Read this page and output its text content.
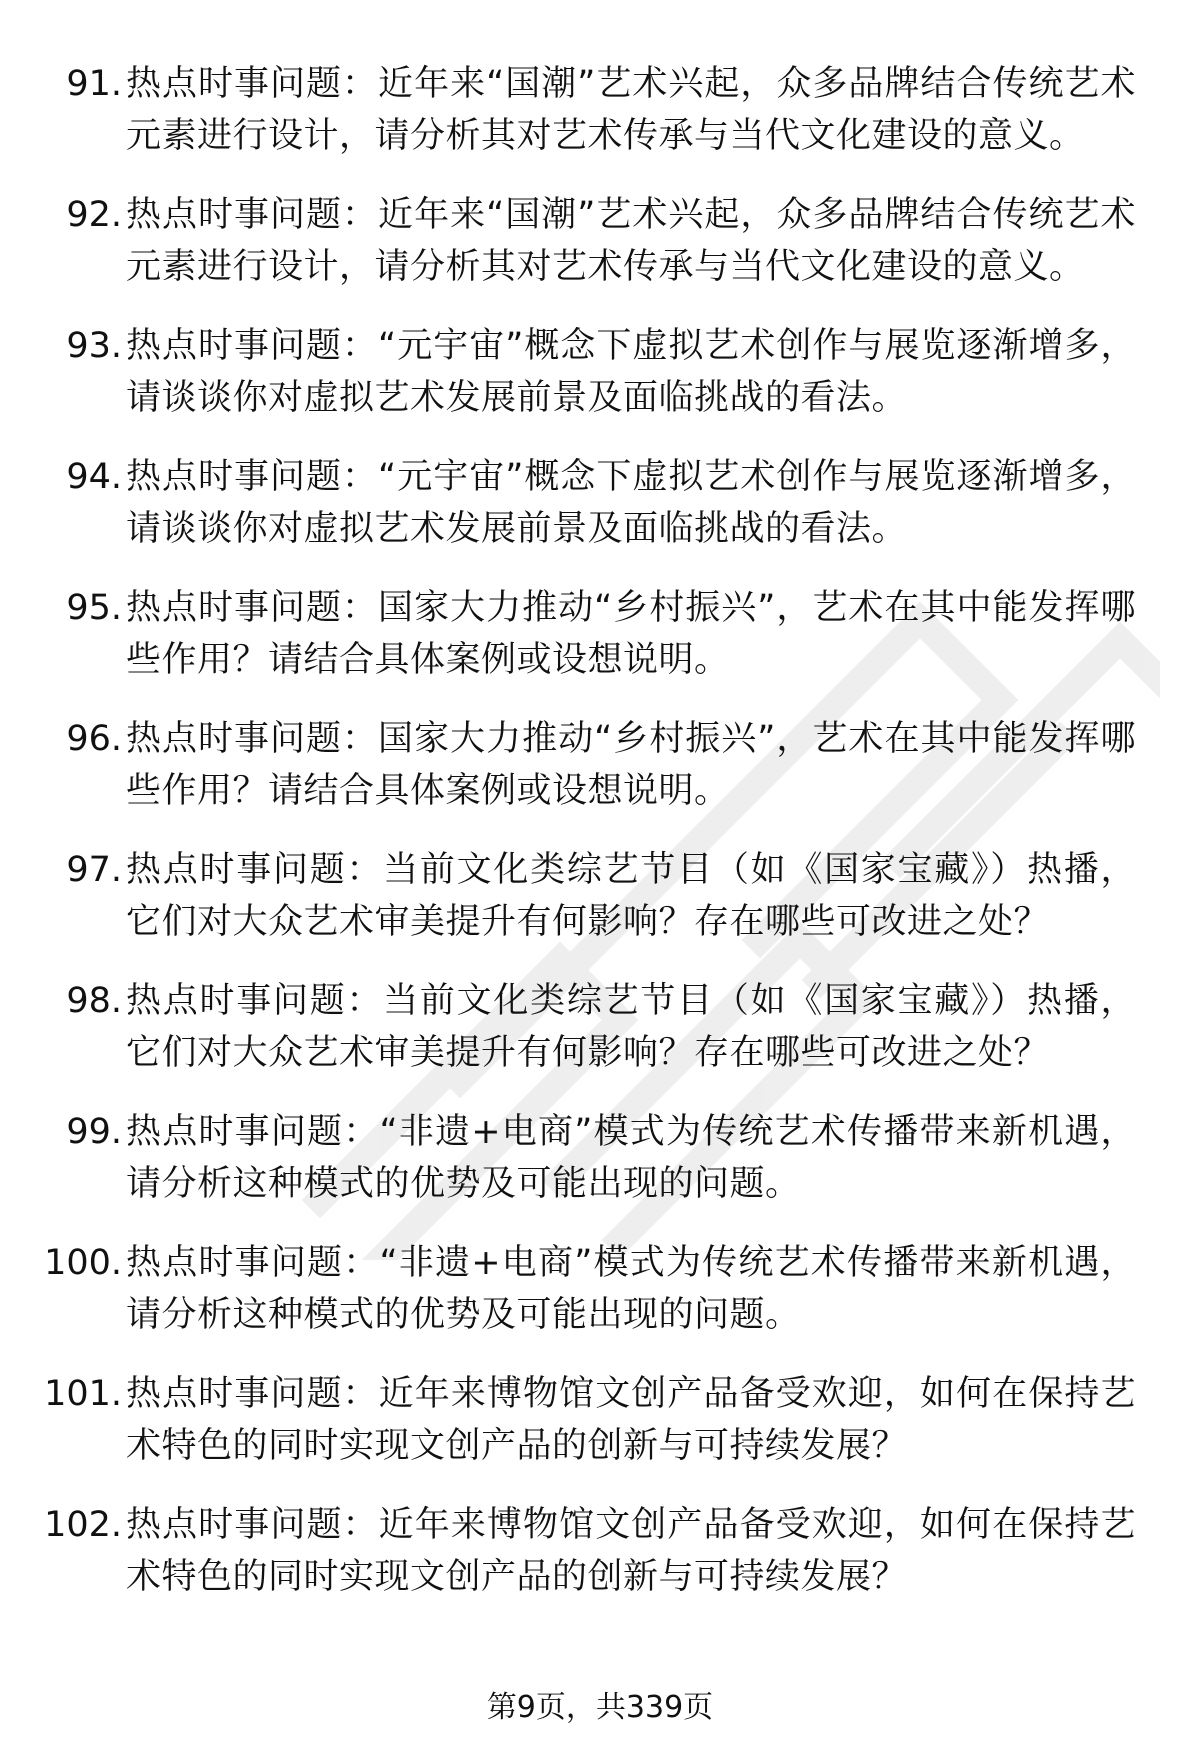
91. 热点时事问题：近年来“国潮”艺术兴起，众多品牌结合传统艺术元素进行设计，请分析其对艺术传承与当代文化建设的意义。
92. 热点时事问题：近年来“国潮”艺术兴起，众多品牌结合传统艺术元素进行设计，请分析其对艺术传承与当代文化建设的意义。
93. 热点时事问题：“元宇宙”概念下虚拟艺术创作与展览逐渐增多，请谈谈你对虚拟艺术发展前景及面临挑战的看法。
94. 热点时事问题：“元宇宙”概念下虚拟艺术创作与展览逐渐增多，请谈谈你对虚拟艺术发展前景及面临挑战的看法。
95. 热点时事问题：国家大力推动“乡村振兴”，艺术在其中能发挥哪些作用？请结合具体案例或设想说明。
96. 热点时事问题：国家大力推动“乡村振兴”，艺术在其中能发挥哪些作用？请结合具体案例或设想说明。
97. 热点时事问题：当前文化类综艺节目（如《国家宝藏》）热播，它们对大众艺术审美提升有何影响？存在哪些可改进之处？
98. 热点时事问题：当前文化类综艺节目（如《国家宝藏》）热播，它们对大众艺术审美提升有何影响？存在哪些可改进之处？
99. 热点时事问题：“非遗+电商”模式为传统艺术传播带来新机遇，请分析这种模式的优势及可能出现的问题。
100. 热点时事问题：“非遗+电商”模式为传统艺术传播带来新机遇，请分析这种模式的优势及可能出现的问题。
101. 热点时事问题：近年来博物馆文创产品备受欢迎，如何在保持艺术特色的同时实现文创产品的创新与可持续发展？
102. 热点时事问题：近年来博物馆文创产品备受欢迎，如何在保持艺术特色的同时实现文创产品的创新与可持续发展？
第9页，共339页
